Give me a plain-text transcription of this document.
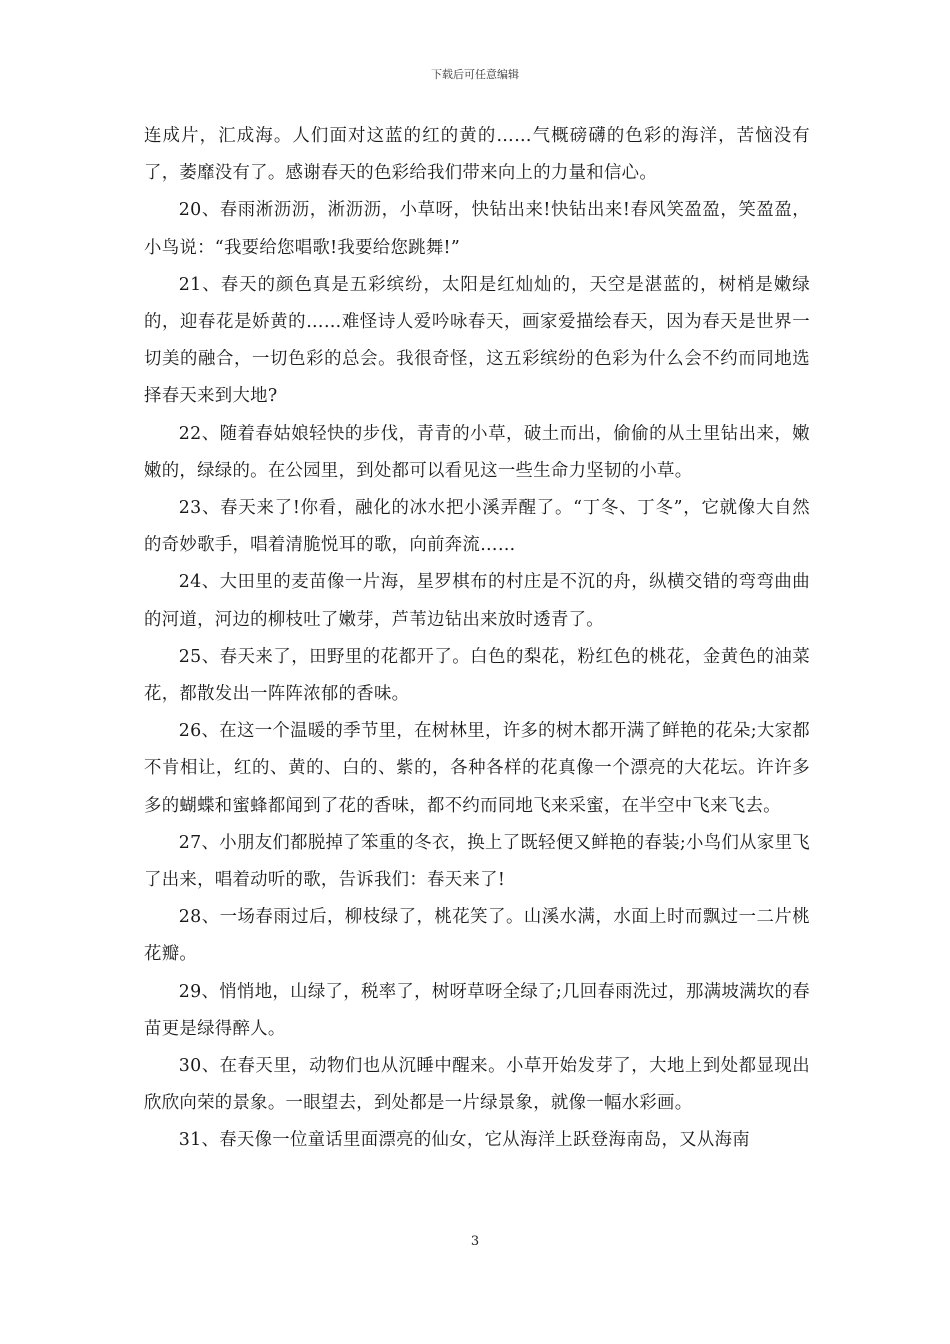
下载后可任意编辑

连成片，汇成海。人们面对这蓝的红的黄的……气概磅礴的色彩的海洋，苦恼没有了，萎靡没有了。感谢春天的色彩给我们带来向上的力量和信心。

20、春雨淅沥沥，淅沥沥，小草呀，快钻出来!快钻出来!春风笑盈盈，笑盈盈，小鸟说：“我要给您唱歌!我要给您跳舞!”

21、春天的颜色真是五彩缤纷，太阳是红灿灿的，天空是湛蓝的，树梢是嫩绿的，迎春花是娇黄的……难怪诗人爱吟咏春天，画家爱描绘春天，因为春天是世界一切美的融合，一切色彩的总会。我很奇怪，这五彩缤纷的色彩为什么会不约而同地选择春天来到大地?

22、随着春姑娘轻快的步伐，青青的小草，破土而出，偷偷的从土里钻出来，嫩嫩的，绿绿的。在公园里，到处都可以看见这一些生命力坚韧的小草。

23、春天来了!你看，融化的冰水把小溪弄醒了。“丁冬、丁冬”，它就像大自然的奇妙歌手，唱着清脆悦耳的歌，向前奔流……

24、大田里的麦苗像一片海，星罗棋布的村庄是不沉的舟，纵横交错的弯弯曲曲的河道，河边的柳枝吐了嫩芽，芦苇边钻出来放时透青了。

25、春天来了，田野里的花都开了。白色的梨花，粉红色的桃花，金黄色的油菜花，都散发出一阵阵浓郁的香味。

26、在这一个温暖的季节里，在树林里，许多的树木都开满了鲜艳的花朵;大家都不肯相让，红的、黄的、白的、紫的，各种各样的花真像一个漂亮的大花坛。许许多多的蝴蝶和蜜蜂都闻到了花的香味，都不约而同地飞来采蜜，在半空中飞来飞去。

27、小朋友们都脱掉了笨重的冬衣，换上了既轻便又鲜艳的春装;小鸟们从家里飞了出来，唱着动听的歌，告诉我们：春天来了!

28、一场春雨过后，柳枝绿了，桃花笑了。山溪水满，水面上时而飘过一二片桃花瓣。

29、悄悄地，山绿了，税率了，树呀草呀全绿了;几回春雨洗过，那满坡满坎的春苗更是绿得醉人。

30、在春天里，动物们也从沉睡中醒来。小草开始发芽了，大地上到处都显现出欣欣向荣的景象。一眼望去，到处都是一片绿景象，就像一幅水彩画。

31、春天像一位童话里面漂亮的仙女，它从海洋上跃登海南岛，又从海南

3
